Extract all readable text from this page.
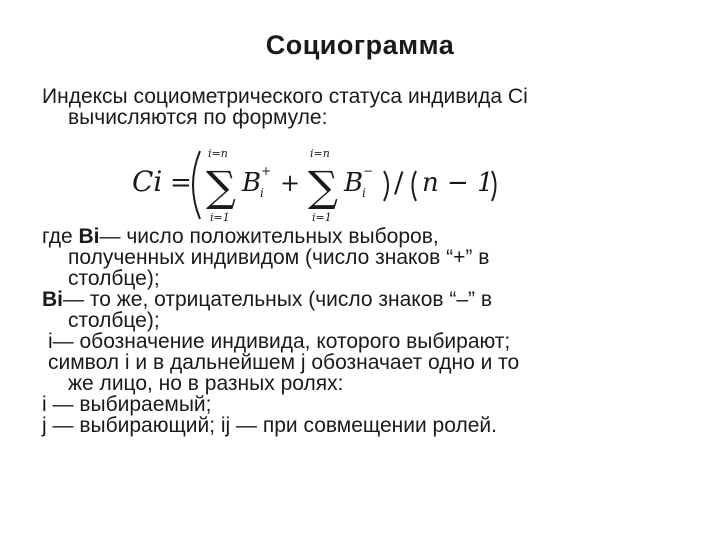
Социограмма
Индексы социометрического статуса индивида Сi
вычисляются по формуле:
Ci =
i=n
∑
i=1
B
i
+ +
i=n
∑
i=1
B
i
− / n − 1
где Bi— число положительных выборов,
полученных индивидом (число знаков “+” в
столбце);
Bi— то же, отрицательных (число знаков “–” в
столбце);
i— обозначение индивида, которого выбирают;
символ i и в дальнейшем j обозначает одно и то
же лицо, но в разных ролях:
i — выбираемый;
j — выбирающий; ij — при совмещении ролей.
